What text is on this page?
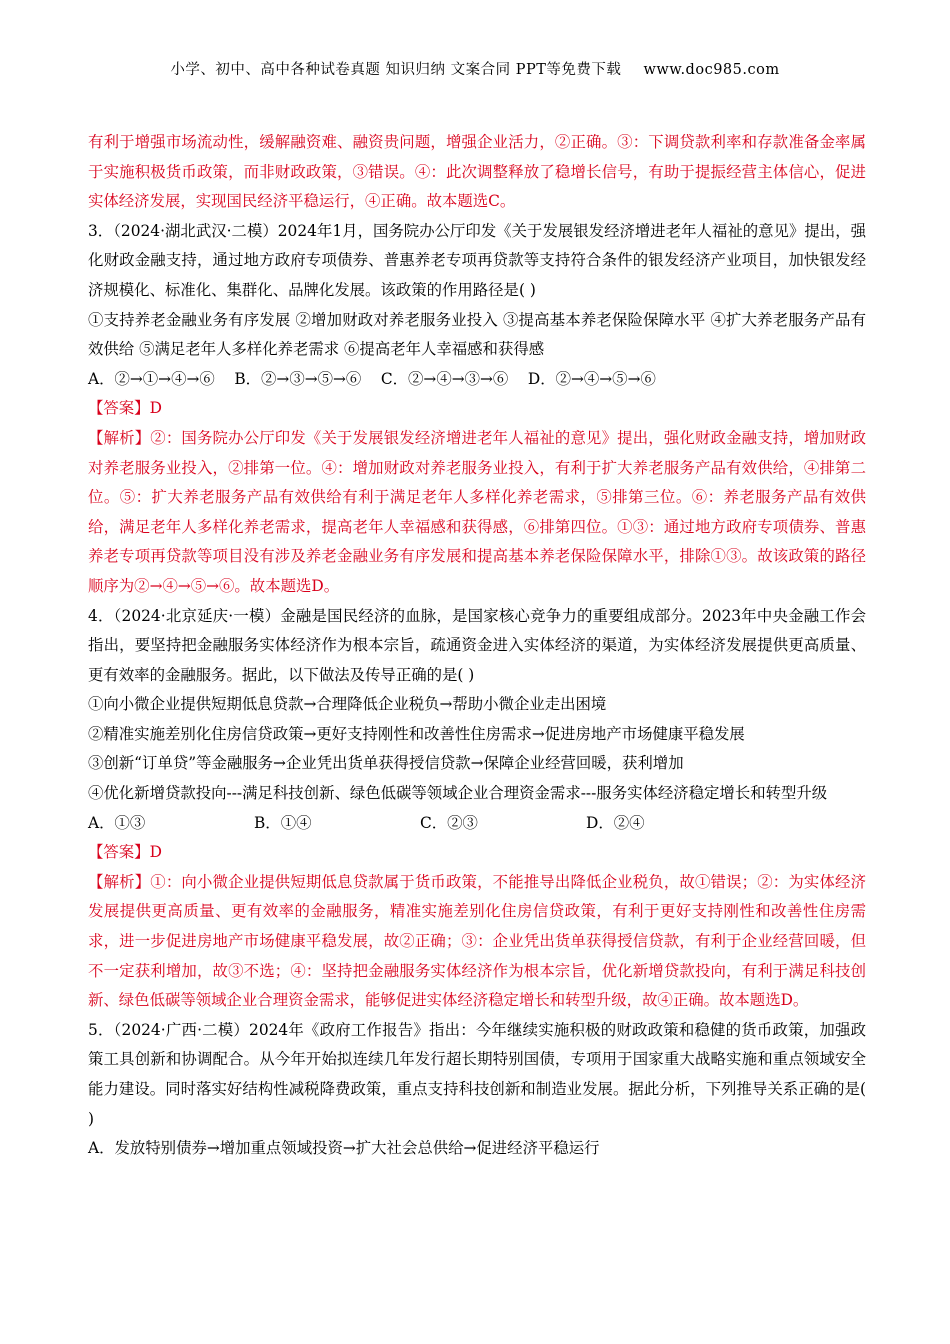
小学、初中、高中各种试卷真题 知识归纳 文案合同 PPT等免费下载 www.doc985.com

有利于增强市场流动性，缓解融资难、融资贵问题，增强企业活力，②正确。③：下调贷款利率和存款准备金率属于实施积极货币政策，而非财政政策，③错误。④：此次调整释放了稳增长信号，有助于提振经营主体信心，促进实体经济发展，实现国民经济平稳运行，④正确。故本题选C。

3．（2024·湖北武汉·二模）2024年1月，国务院办公厅印发《关于发展银发经济增进老年人福祉的意见》提出，强化财政金融支持，通过地方政府专项债券、普惠养老专项再贷款等支持符合条件的银发经济产业项目，加快银发经济规模化、标准化、集群化、品牌化发展。该政策的作用路径是( )

①支持养老金融业务有序发展 ②增加财政对养老服务业投入 ③提高基本养老保险保障水平 ④扩大养老服务产品有效供给 ⑤满足老年人多样化养老需求 ⑥提高老年人幸福感和获得感

A．②→①→④→⑥ B．②→③→⑤→⑥ C．②→④→③→⑥ D．②→④→⑤→⑥

【答案】D

【解析】②：国务院办公厅印发《关于发展银发经济增进老年人福祉的意见》提出，强化财政金融支持，增加财政对养老服务业投入，②排第一位。④：增加财政对养老服务业投入，有利于扩大养老服务产品有效供给，④排第二位。⑤：扩大养老服务产品有效供给有利于满足老年人多样化养老需求，⑤排第三位。⑥：养老服务产品有效供给，满足老年人多样化养老需求，提高老年人幸福感和获得感，⑥排第四位。①③：通过地方政府专项债券、普惠养老专项再贷款等项目没有涉及养老金融业务有序发展和提高基本养老保险保障水平，排除①③。故该政策的路径顺序为②→④→⑤→⑥。故本题选D。

4．（2024·北京延庆·一模）金融是国民经济的血脉，是国家核心竞争力的重要组成部分。2023年中央金融工作会指出，要坚持把金融服务实体经济作为根本宗旨，疏通资金进入实体经济的渠道，为实体经济发展提供更高质量、更有效率的金融服务。据此，以下做法及传导正确的是( )

①向小微企业提供短期低息贷款→合理降低企业税负→帮助小微企业走出困境

②精准实施差别化住房信贷政策→更好支持刚性和改善性住房需求→促进房地产市场健康平稳发展

③创新“订单贷”等金融服务→企业凭出货单获得授信贷款→保障企业经营回暖，获利增加

④优化新增贷款投向---满足科技创新、绿色低碳等领域企业合理资金需求---服务实体经济稳定增长和转型升级

A．①③	B．①④	C．②③	D．②④

【答案】D

【解析】①：向小微企业提供短期低息贷款属于货币政策，不能推导出降低企业税负，故①错误；②：为实体经济发展提供更高质量、更有效率的金融服务，精准实施差别化住房信贷政策，有利于更好支持刚性和改善性住房需求，进一步促进房地产市场健康平稳发展，故②正确；③：企业凭出货单获得授信贷款，有利于企业经营回暖，但不一定获利增加，故③不选；④：坚持把金融服务实体经济作为根本宗旨，优化新增贷款投向，有利于满足科技创新、绿色低碳等领域企业合理资金需求，能够促进实体经济稳定增长和转型升级，故④正确。故本题选D。

5．（2024·广西·二模）2024年《政府工作报告》指出：今年继续实施积极的财政政策和稳健的货币政策，加强政策工具创新和协调配合。从今年开始拟连续几年发行超长期特别国债，专项用于国家重大战略实施和重点领域安全能力建设。同时落实好结构性减税降费政策，重点支持科技创新和制造业发展。据此分析，下列推导关系正确的是( )

A．发放特别债券→增加重点领域投资→扩大社会总供给→促进经济平稳运行
